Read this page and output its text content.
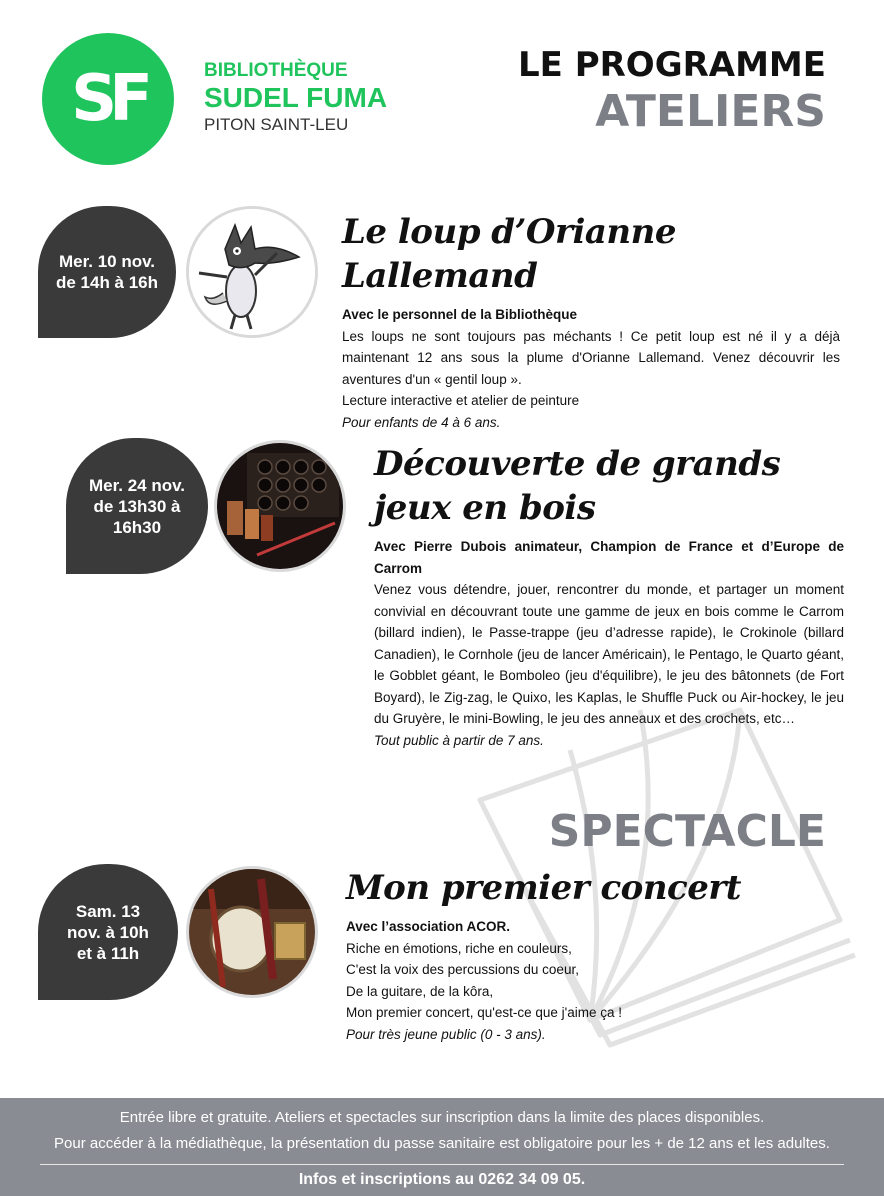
SF	BIBLIOTHÈQUE
SUDEL FUMA
PITON SAINT-LEU
LE PROGRAMME
ATELIERS
Mer. 10 nov. de 14h à 16h
Le loup d’Orianne Lallemand
Avec le personnel de la Bibliothèque
Les loups ne sont toujours pas méchants ! Ce petit loup est né il y a déjà maintenant 12 ans sous la plume d'Orianne Lallemand. Venez découvrir les aventures d'un « gentil loup ».
Lecture interactive et atelier de peinture
Pour enfants de 4 à 6 ans.
Mer. 24 nov. de 13h30 à 16h30
Découverte de grands jeux en bois
Avec Pierre Dubois animateur, Champion de France et d’Europe de Carrom
Venez vous détendre, jouer, rencontrer du monde, et partager un moment convivial en découvrant toute une gamme de jeux en bois comme le Carrom (billard indien), le Passe-trappe (jeu d’adresse rapide), le Crokinole (billard Canadien), le Cornhole (jeu de lancer Américain), le Pentago, le Quarto géant, le Gobblet géant, le Bomboleo (jeu d'équilibre), le jeu des bâtonnets (de Fort Boyard), le Zig-zag, le Quixo, les Kaplas, le Shuffle Puck ou Air-hockey, le jeu du Gruyère, le mini-Bowling, le jeu des anneaux et des crochets, etc…
Tout public à partir de 7 ans.
SPECTACLE
Sam. 13 nov. à 10h et à 11h
Mon premier concert
Avec l’association ACOR.
Riche en émotions, riche en couleurs,
C'est la voix des percussions du coeur,
De la guitare, de la kôra,
Mon premier concert, qu'est-ce que j'aime ça !
Pour très jeune public (0 - 3 ans).
Entrée libre et gratuite. Ateliers et spectacles sur inscription dans la limite des places disponibles.
Pour accéder à la médiathèque, la présentation du passe sanitaire est obligatoire pour les + de 12 ans et les adultes.
Infos et inscriptions au 0262 34 09 05.
